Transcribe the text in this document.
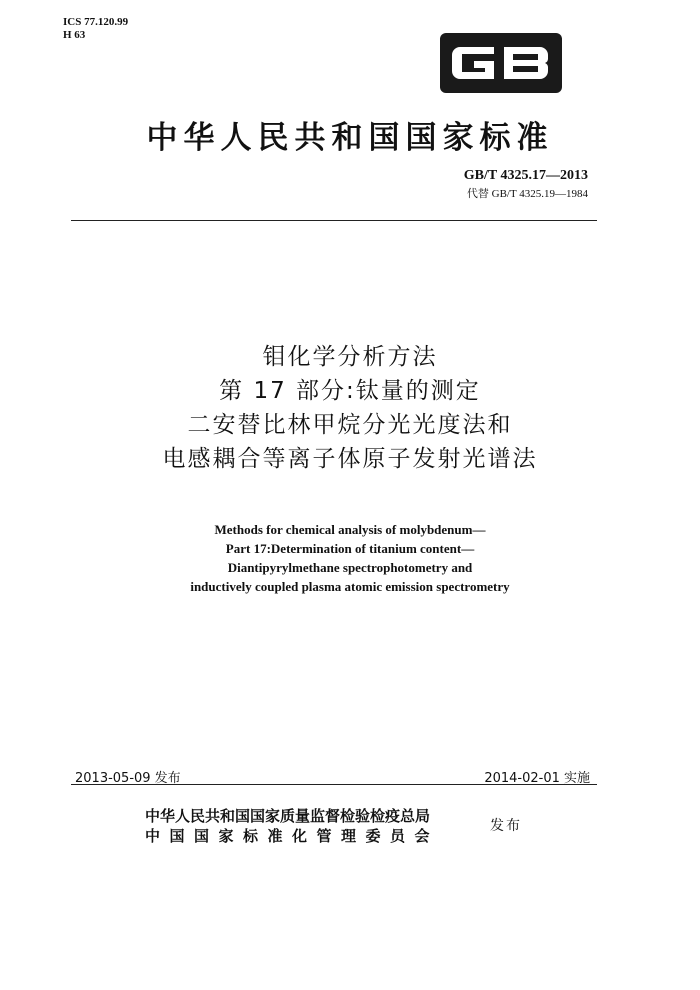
ICS 77.120.99
H 63
中华人民共和国国家标准
GB/T 4325.17—2013
代替 GB/T 4325.19—1984
钼化学分析方法
第 17 部分:钛量的测定
二安替比林甲烷分光光度法和
电感耦合等离子体原子发射光谱法
Methods for chemical analysis of molybdenum—
Part 17:Determination of titanium content—
Diantipyrylmethane spectrophotometry and
inductively coupled plasma atomic emission spectrometry
2013-05-09 发布	2014-02-01 实施
中华人民共和国国家质量监督检验检疫总局
中国国家标准化管理委员会
发布
